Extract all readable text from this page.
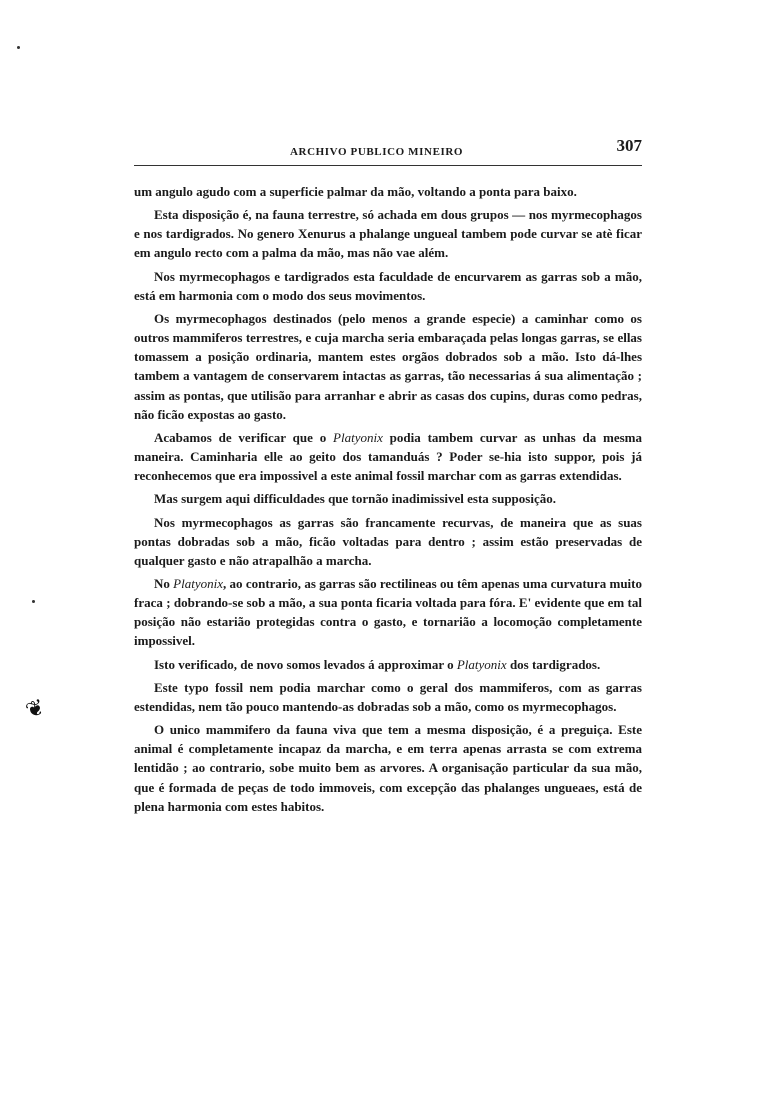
ARCHIVO PUBLICO MINEIRO	307

um angulo agudo com a superficie palmar da mão, voltando a ponta para baixo.

Esta disposição é, na fauna terrestre, só achada em dous grupos — nos myrmecophagos e nos tardigrados. No genero Xenurus a phalange ungueal tambem pode curvar se atè ficar em angulo recto com a palma da mão, mas não vae além.

Nos myrmecophagos e tardigrados esta faculdade de encurvarem as garras sob a mão, está em harmonia com o modo dos seus movimentos.

Os myrmecophagos destinados (pelo menos a grande especie) a caminhar como os outros mammiferos terrestres, e cuja marcha seria embaraçada pelas longas garras, se ellas tomassem a posição ordinaria, mantem estes orgãos dobrados sob a mão. Isto dá-lhes tambem a vantagem de conservarem intactas as garras, tão necessarias á sua alimentação ; assim as pontas, que utilisão para arranhar e abrir as casas dos cupins, duras como pedras, não ficão expostas ao gasto.

Acabamos de verificar que o Platyonix podia tambem curvar as unhas da mesma maneira. Caminharia elle ao geito dos tamanduás ? Poder se-hia isto suppor, pois já reconhecemos que era impossivel a este animal fossil marchar com as garras extendidas.

Mas surgem aqui difficuldades que tornão inadimissivel esta supposição.

Nos myrmecophagos as garras são francamente recurvas, de maneira que as suas pontas dobradas sob a mão, ficão voltadas para dentro ; assim estão preservadas de qualquer gasto e não atrapalhão a marcha.

No Platyonix, ao contrario, as garras são rectilineas ou têm apenas uma curvatura muito fraca ; dobrando-se sob a mão, a sua ponta ficaria voltada para fóra. E' evidente que em tal posição não estarião protegidas contra o gasto, e tornarião a locomoção completamente impossivel.

Isto verificado, de novo somos levados á approximar o Platyonix dos tardigrados.

Este typo fossil nem podia marchar como o geral dos mammiferos, com as garras estendidas, nem tão pouco mantendo-as dobradas sob a mão, como os myrmecophagos.

O unico mammifero da fauna viva que tem a mesma disposição, é a preguiça. Este animal é completamente incapaz da marcha, e em terra apenas arrasta se com extrema lentidão ; ao contrario, sobe muito bem as arvores. A organisação particular da sua mão, que é formada de peças de todo immoveis, com excepção das phalanges ungueaes, está de plena harmonia com estes habitos.

❦
